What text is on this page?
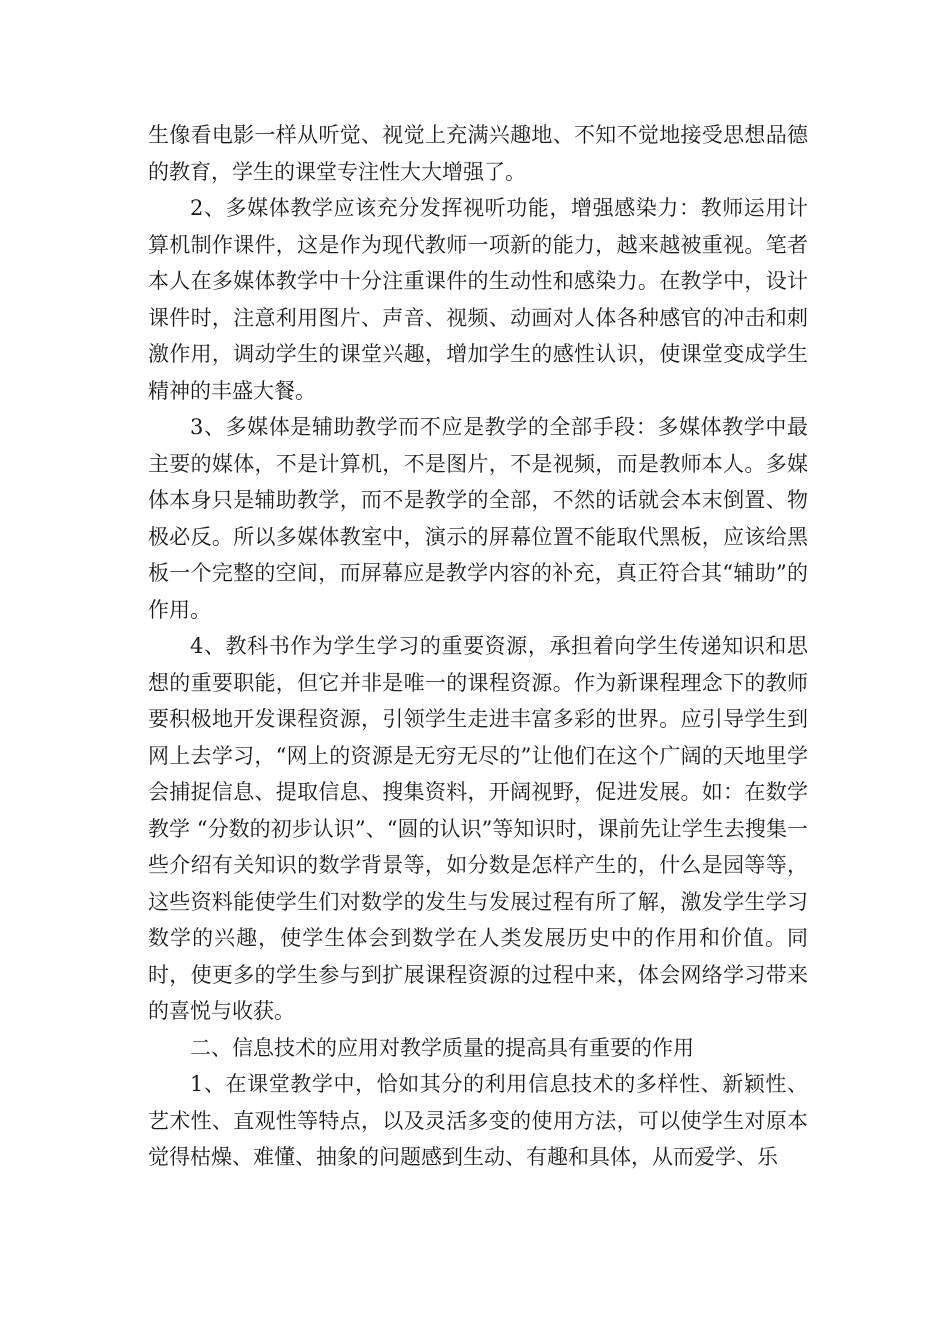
生像看电影一样从听觉、视觉上充满兴趣地、不知不觉地接受思想品德的教育，学生的课堂专注性大大增强了。

2、多媒体教学应该充分发挥视听功能，增强感染力：教师运用计算机制作课件，这是作为现代教师一项新的能力，越来越被重视。笔者本人在多媒体教学中十分注重课件的生动性和感染力。在教学中，设计课件时，注意利用图片、声音、视频、动画对人体各种感官的冲击和刺激作用，调动学生的课堂兴趣，增加学生的感性认识，使课堂变成学生精神的丰盛大餐。

3、多媒体是辅助教学而不应是教学的全部手段：多媒体教学中最主要的媒体，不是计算机，不是图片，不是视频，而是教师本人。多媒体本身只是辅助教学，而不是教学的全部，不然的话就会本末倒置、物极必反。所以多媒体教室中，演示的屏幕位置不能取代黑板，应该给黑板一个完整的空间，而屏幕应是教学内容的补充，真正符合其“辅助”的作用。

4、教科书作为学生学习的重要资源，承担着向学生传递知识和思想的重要职能，但它并非是唯一的课程资源。作为新课程理念下的教师要积极地开发课程资源，引领学生走进丰富多彩的世界。应引导学生到网上去学习，“网上的资源是无穷无尽的”让他们在这个广阔的天地里学会捕捉信息、提取信息、搜集资料，开阔视野，促进发展。如：在数学教学 “分数的初步认识”、“圆的认识”等知识时，课前先让学生去搜集一些介绍有关知识的数学背景等，如分数是怎样产生的，什么是园等等，这些资料能使学生们对数学的发生与发展过程有所了解，激发学生学习数学的兴趣，使学生体会到数学在人类发展历史中的作用和价值。同时，使更多的学生参与到扩展课程资源的过程中来，体会网络学习带来的喜悦与收获。

二、信息技术的应用对教学质量的提高具有重要的作用

1、在课堂教学中，恰如其分的利用信息技术的多样性、新颖性、艺术性、直观性等特点，以及灵活多变的使用方法，可以使学生对原本觉得枯燥、难懂、抽象的问题感到生动、有趣和具体，从而爱学、乐
